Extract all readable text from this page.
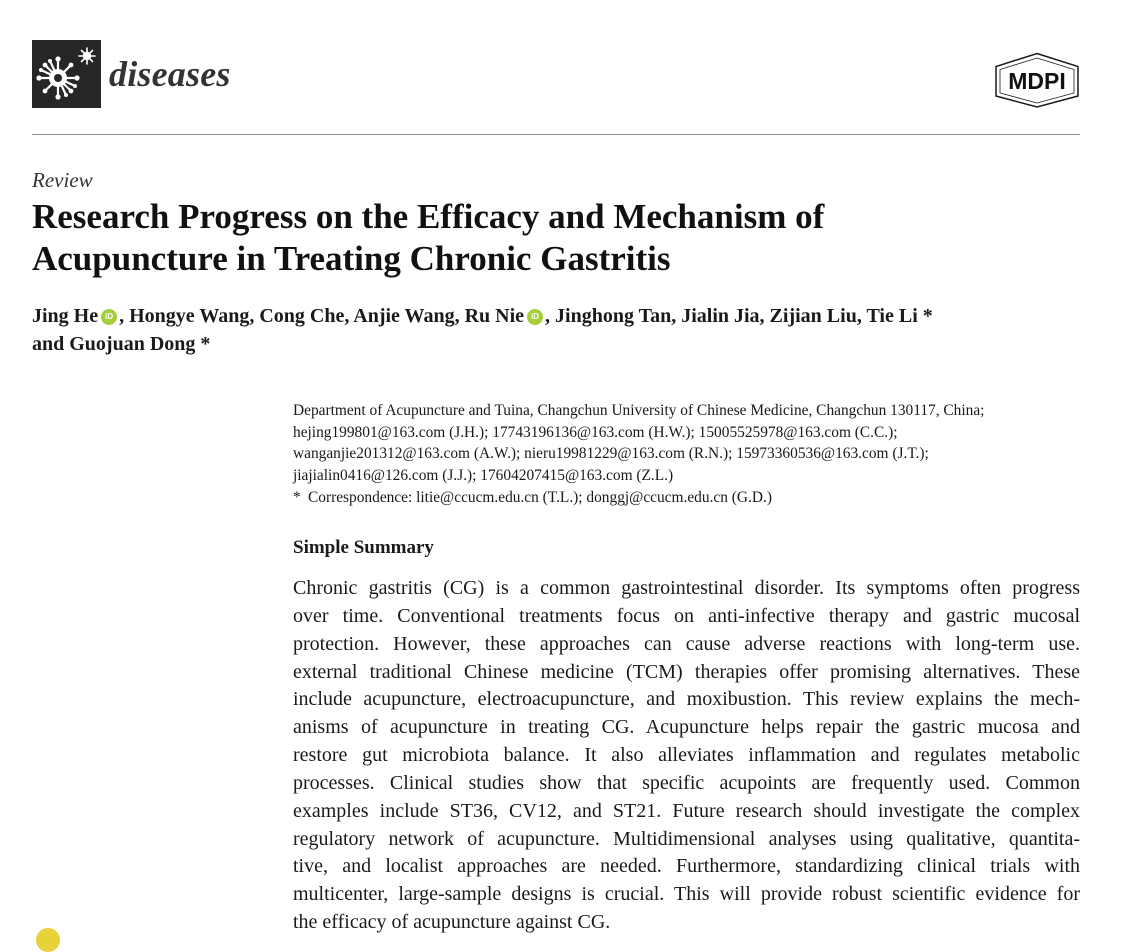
diseases	MDPI
Review
Research Progress on the Efficacy and Mechanism of
Acupuncture in Treating Chronic Gastritis
Jing He iD , Hongye Wang, Cong Che, Anjie Wang, Ru Nie iD , Jinghong Tan, Jialin Jia, Zijian Liu, Tie Li *
and Guojuan Dong *
Department of Acupuncture and Tuina, Changchun University of Chinese Medicine, Changchun 130117, China;
hejing199801@163.com (J.H.); 17743196136@163.com (H.W.); 15005525978@163.com (C.C.);
wanganjie201312@163.com (A.W.); nieru19981229@163.com (R.N.); 15973360536@163.com (J.T.);
jiajialin0416@126.com (J.J.); 17604207415@163.com (Z.L.)
* Correspondence: litie@ccucm.edu.cn (T.L.); donggj@ccucm.edu.cn (G.D.)
Simple Summary
Chronic gastritis (CG) is a common gastrointestinal disorder. Its symptoms often progress
over time. Conventional treatments focus on anti-infective therapy and gastric mucosal
protection. However, these approaches can cause adverse reactions with long-term use.
external traditional Chinese medicine (TCM) therapies offer promising alternatives. These
include acupuncture, electroacupuncture, and moxibustion. This review explains the mech-
anisms of acupuncture in treating CG. Acupuncture helps repair the gastric mucosa and
restore gut microbiota balance. It also alleviates inflammation and regulates metabolic
processes. Clinical studies show that specific acupoints are frequently used. Common
examples include ST36, CV12, and ST21. Future research should investigate the complex
regulatory network of acupuncture. Multidimensional analyses using qualitative, quantita-
tive, and localist approaches are needed. Furthermore, standardizing clinical trials with
multicenter, large-sample designs is crucial. This will provide robust scientific evidence for
the efficacy of acupuncture against CG.
